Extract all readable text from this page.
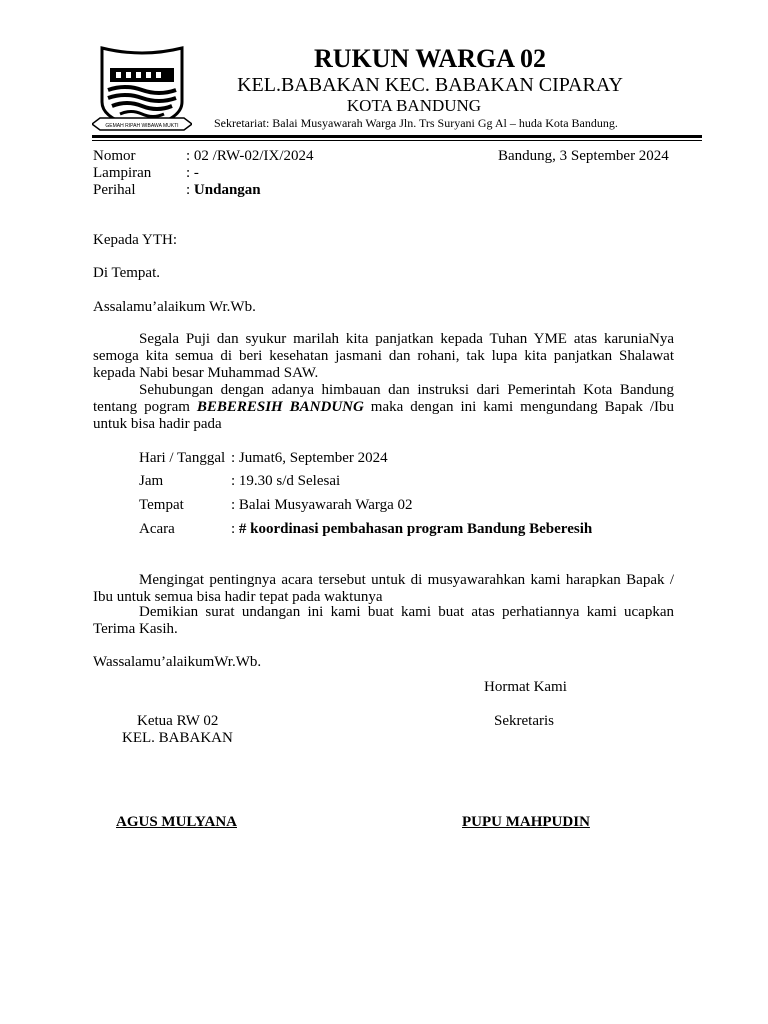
GEMAH RIPAH WIBAWA MUKTI
RUKUN WARGA 02
KEL.BABAKAN KEC. BABAKAN CIPARAY
KOTA BANDUNG
Sekretariat: Balai Musyawarah Warga Jln. Trs Suryani Gg Al – huda Kota Bandung.
Nomor	: 02 /RW-02/IX/2024	Bandung, 3 September 2024
Lampiran : -
Perihal	: Undangan
Kepada YTH:
Di Tempat.
Assalamu’alaikum Wr.Wb.
Segala Puji dan syukur marilah kita panjatkan kepada Tuhan YME atas karuniaNya semoga kita semua di beri kesehatan jasmani dan rohani, tak lupa kita panjatkan Shalawat kepada Nabi besar Muhammad SAW.
Sehubungan dengan adanya himbauan dan instruksi dari Pemerintah Kota Bandung tentang pogram BEBERESIH BANDUNG maka dengan ini kami mengundang Bapak /Ibu untuk bisa hadir pada
Hari / Tanggal : Jumat6, September 2024
Jam	: 19.30 s/d Selesai
Tempat	: Balai Musyawarah Warga 02
Acara	: # koordinasi pembahasan program Bandung Beberesih
Mengingat pentingnya acara tersebut untuk di musyawarahkan kami harapkan Bapak / Ibu untuk semua bisa hadir tepat pada waktunya
Demikian surat undangan ini kami buat kami buat atas perhatiannya kami ucapkan Terima Kasih.
Wassalamu’alaikumWr.Wb.
Hormat Kami
Ketua RW 02
KEL. BABAKAN
Sekretaris
AGUS MULYANA	PUPU MAHPUDIN
